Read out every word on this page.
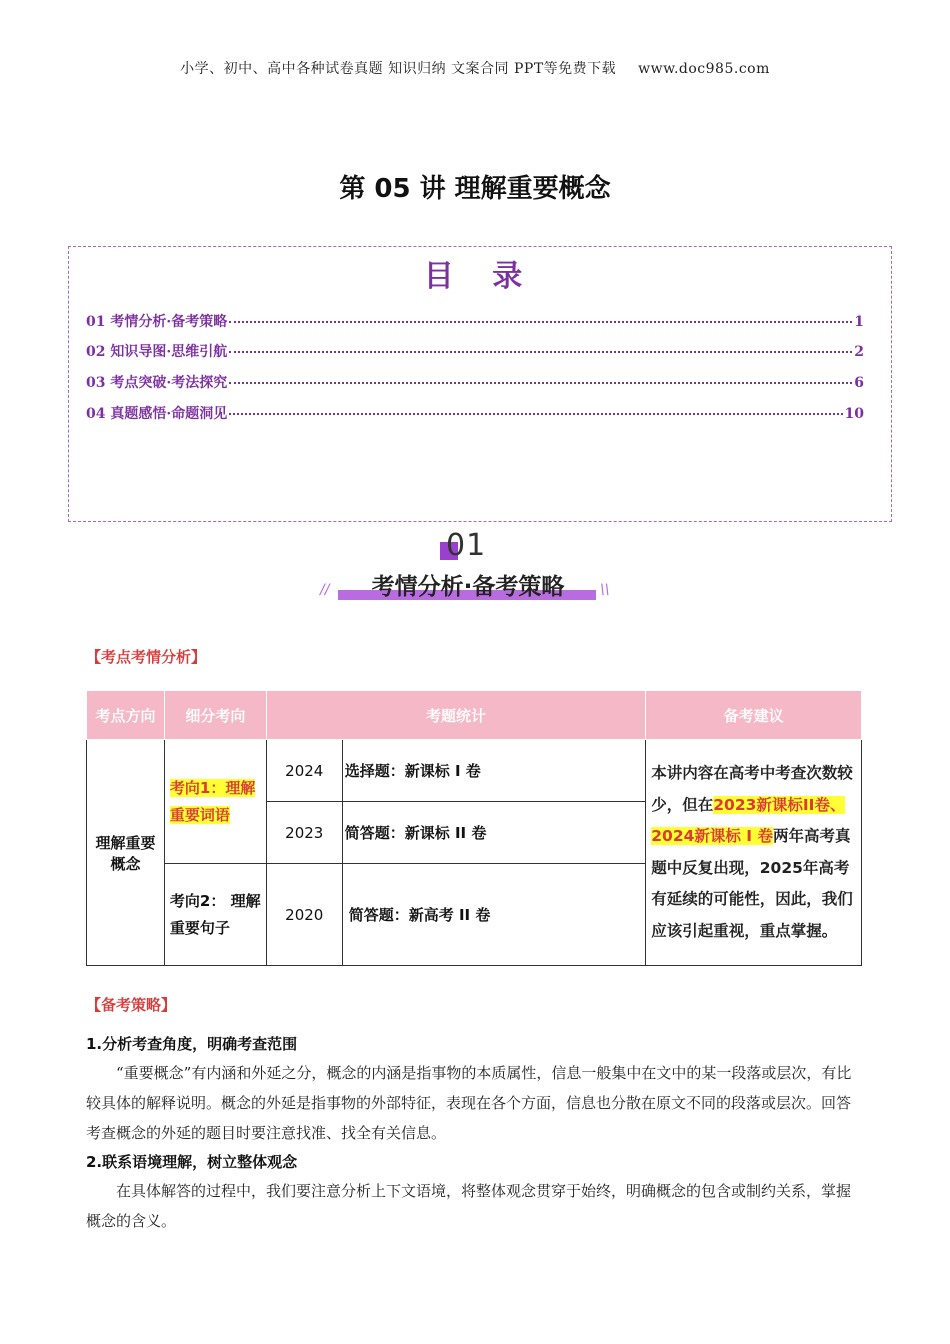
小学、初中、高中各种试卷真题 知识归纳 文案合同 PPT等免费下载 www.doc985.com
第 05 讲 理解重要概念
目 录
01 考情分析·备考策略	1
02 知识导图·思维引航	2
03 考点突破·考法探究	6
04 真题感悟·命题洞见	10
01
考情分析·备考策略
//	\\
【考点考情分析】
考点方向	细分考向	考题统计		备考建议
理解重要概念	考向1：理解重要词语	2024	选择题：新课标 I 卷	本讲内容在高考中考查次数较少，但在2023新课标II卷、2024新课标 I 卷两年高考真题中反复出现，2025年高考有延续的可能性，因此，我们应该引起重视，重点掌握。

		2023	简答题：新课标 II 卷	

	考向2： 理解重要句子	2020	简答题：新高考 II 卷	
【备考策略】
1.分析考查角度，明确考查范围
“重要概念”有内涵和外延之分，概念的内涵是指事物的本质属性，信息一般集中在文中的某一段落或层次，有比较具体的解释说明。概念的外延是指事物的外部特征，表现在各个方面，信息也分散在原文不同的段落或层次。回答考查概念的外延的题目时要注意找准、找全有关信息。
2.联系语境理解，树立整体观念
在具体解答的过程中，我们要注意分析上下文语境，将整体观念贯穿于始终，明确概念的包含或制约关系，掌握概念的含义。
